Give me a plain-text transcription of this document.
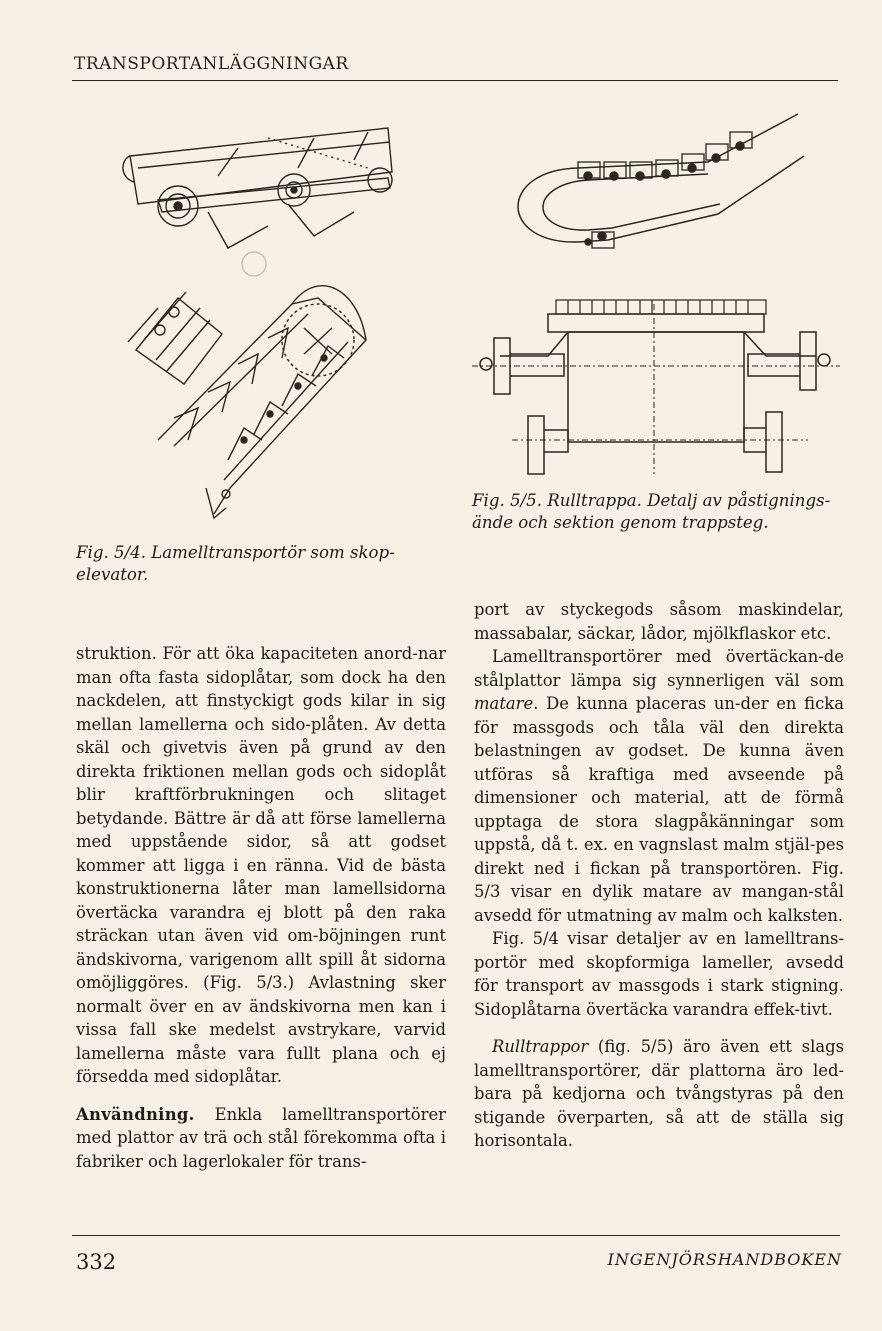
TRANSPORTANLÄGGNINGAR
Fig. 5/4. Lamelltransportör som skop-elevator.
Fig. 5/5. Rulltrappa. Detalj av påstignings-ände och sektion genom trappsteg.

struktion. För att öka kapaciteten anord-nar man ofta fasta sidoplåtar, som dock ha den nackdelen, att finstyckigt gods kilar in sig mellan lamellerna och sido-plåten. Av detta skäl och givetvis även på grund av den direkta friktionen mellan gods och sidoplåt blir kraftförbrukningen och slitaget betydande. Bättre är då att förse lamellerna med uppstående sidor, så att godset kommer att ligga i en ränna. Vid de bästa konstruktionerna låter man lamellsidorna övertäcka varandra ej blott på den raka sträckan utan även vid om-böjningen runt ändskivorna, varigenom allt spill åt sidorna omöjliggöres. (Fig. 5/3.) Avlastning sker normalt över en av ändskivorna men kan i vissa fall ske medelst avstrykare, varvid lamellerna måste vara fullt plana och ej försedda med sidoplåtar.

Användning. Enkla lamelltransportörer med plattor av trä och stål förekomma ofta i fabriker och lagerlokaler för trans-

port av styckegods såsom maskindelar, massabalar, säckar, lådor, mjölkflaskor etc.

Lamelltransportörer med övertäckan-de stålplattor lämpa sig synnerligen väl som matare. De kunna placeras un-der en ficka för massgods och tåla väl den direkta belastningen av godset. De kunna även utföras så kraftiga med avseende på dimensioner och material, att de förmå upptaga de stora slagpåkänningar som uppstå, då t. ex. en vagnslast malm stjäl-pes direkt ned i fickan på transportören. Fig. 5/3 visar en dylik matare av mangan-stål avsedd för utmatning av malm och kalksten.

Fig. 5/4 visar detaljer av en lamelltrans-portör med skopformiga lameller, avsedd för transport av massgods i stark stigning. Sidoplåtarna övertäcka varandra effek-tivt.

Rulltrappor (fig. 5/5) äro även ett slags lamelltransportörer, där plattorna äro led-bara på kedjorna och tvångstyras på den stigande överparten, så att de ställa sig horisontala.

332	INGENJÖRSHANDBOKEN
